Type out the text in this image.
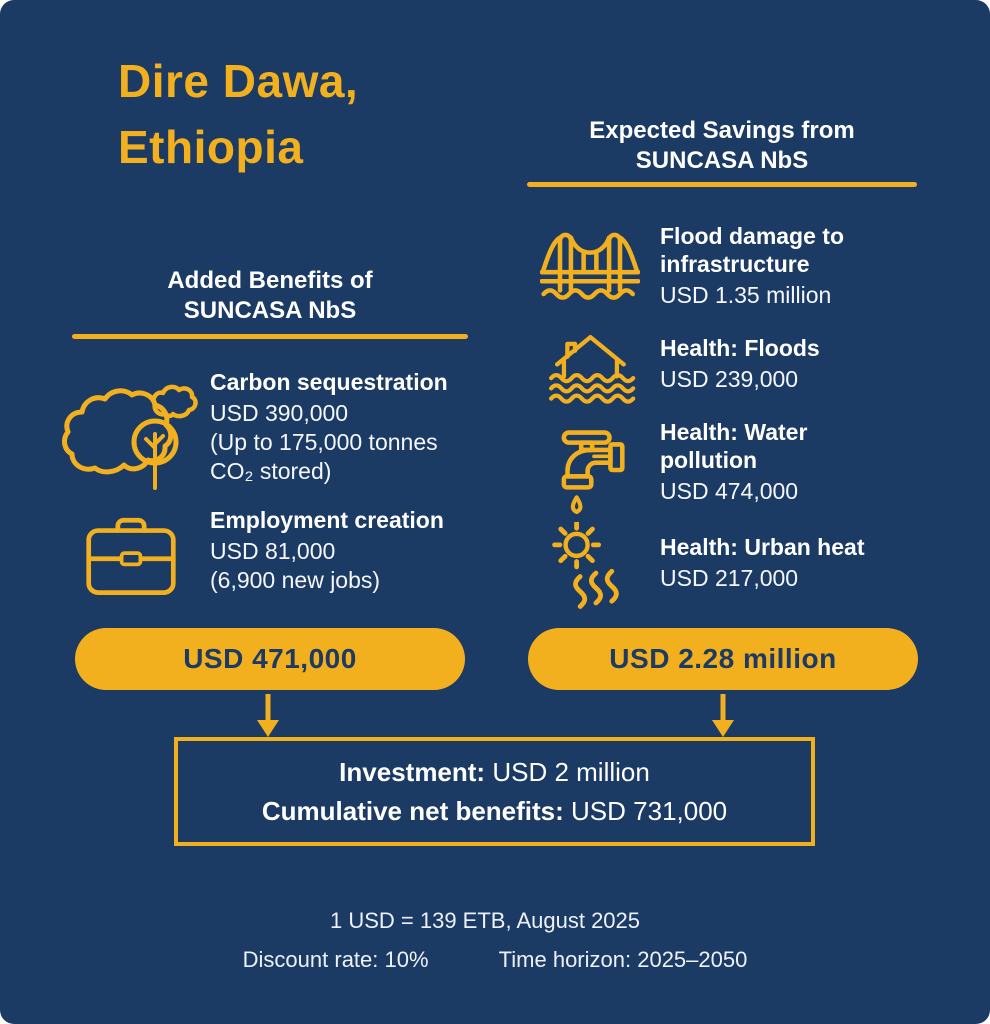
Dire Dawa,
Ethiopia	Expected Savings from
SUNCASA NbS
Added Benefits of
SUNCASA NbS
Carbon sequestration
USD 390,000
(Up to 175,000 tonnes CO₂ stored)
Employment creation
USD 81,000
(6,900 new jobs)
Flood damage to infrastructure
USD 1.35 million
Health: Floods
USD 239,000
Health: Water pollution
USD 474,000
Health: Urban heat
USD 217,000
USD 471,000	USD 2.28 million
Investment: USD 2 million
Cumulative net benefits: USD 731,000
1 USD = 139 ETB, August 2025
Discount rate: 10%	Time horizon: 2025–2050
